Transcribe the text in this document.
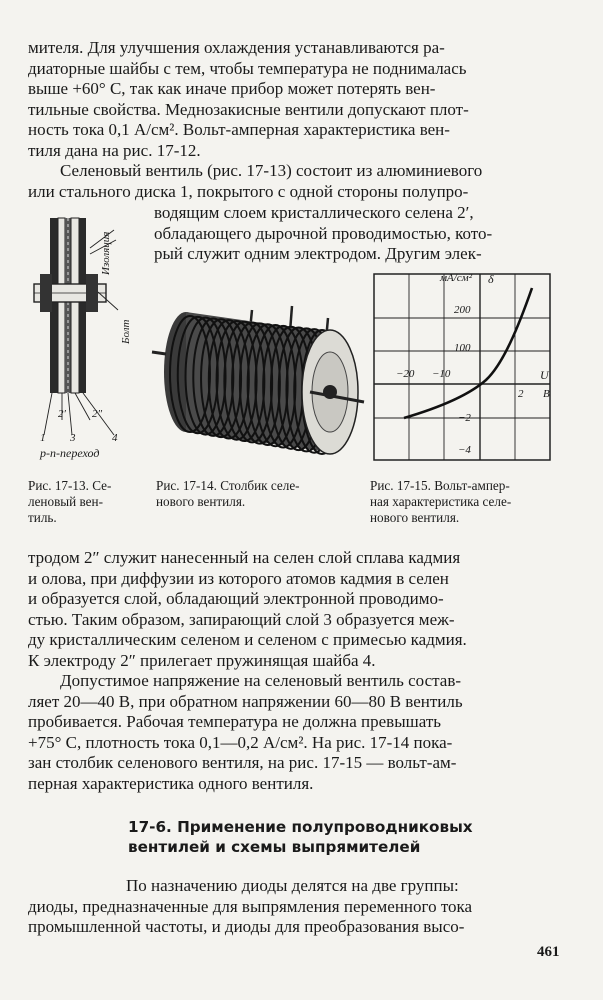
мителя. Для улучшения охлаждения устанавливаются ра-
диаторные шайбы с тем, чтобы температура не поднималась
выше +60° С, так как иначе прибор может потерять вен-
тильные свойства. Меднозакисные вентили допускают плот-
ность тока 0,1 А/см². Вольт-амперная характеристика вен-
тиля дана на рис. 17-12.
Селеновый вентиль (рис. 17-13) состоит из алюминиевого
или стального диска 1, покрытого с одной стороны полупро-
водящим слоем кристаллического селена 2′,
обладающего дырочной проводимостью, кото-
рый служит одним электродом. Другим элек-
Изоляция
Болт
2′ 2″
1 3	4
p-n-переход
мА/см² δ
200
100
−20 −10	U
2 В
−2
−4
Рис. 17-13. Се-
леновый вен-
тиль.
Рис. 17-14. Столбик селе-
нового вентиля.
Рис. 17-15. Вольт-ампер-
ная характеристика селе-
нового вентиля.
тродом 2″ служит нанесенный на селен слой сплава кадмия
и олова, при диффузии из которого атомов кадмия в селен
и образуется слой, обладающий электронной проводимо-
стью. Таким образом, запирающий слой 3 образуется меж-
ду кристаллическим селеном и селеном с примесью кадмия.
К электроду 2″ прилегает пружинящая шайба 4.
Допустимое напряжение на селеновый вентиль состав-
ляет 20—40 В, при обратном напряжении 60—80 В вентиль
пробивается. Рабочая температура не должна превышать
+75° С, плотность тока 0,1—0,2 А/см². На рис. 17-14 пока-
зан столбик селенового вентиля, на рис. 17-15 — вольт-ам-
перная характеристика одного вентиля.
17-6. Применение полупроводниковых
вентилей и схемы выпрямителей
По назначению диоды делятся на две группы:
диоды, предназначенные для выпрямления переменного тока
промышленной частоты, и диоды для преобразования высо-
461
